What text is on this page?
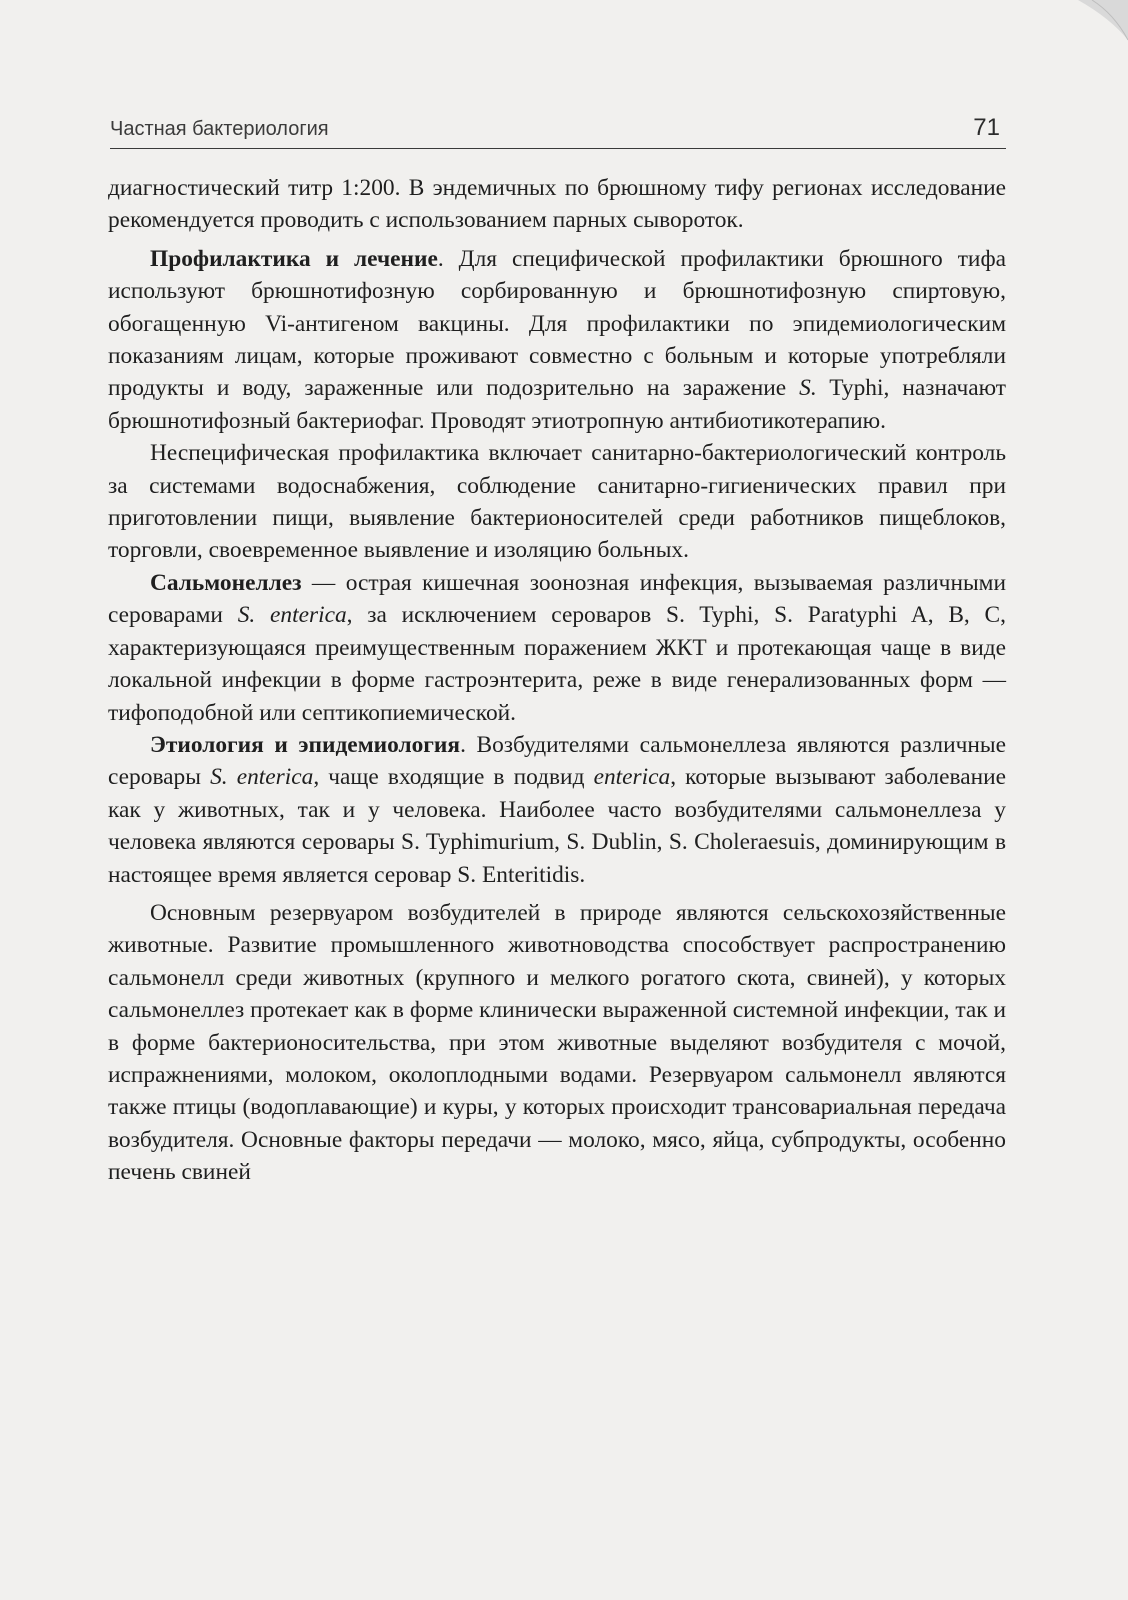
Частная бактериология	71

диагностический титр 1:200. В эндемичных по брюшному тифу регионах исследование рекомендуется проводить с использованием парных сывороток.

Профилактика и лечение. Для специфической профилактики брюшного тифа используют брюшнотифозную сорбированную и брюшнотифозную спиртовую, обогащенную Vi-антигеном вакцины. Для профилактики по эпидемиологическим показаниям лицам, которые проживают совместно с больным и которые употребляли продукты и воду, зараженные или подозрительно на заражение S. Typhi, назначают брюшнотифозный бактериофаг. Проводят этиотропную антибиотикотерапию.

Неспецифическая профилактика включает санитарно-бактериологический контроль за системами водоснабжения, соблюдение санитарно-гигиенических правил при приготовлении пищи, выявление бактерионосителей среди работников пищеблоков, торговли, своевременное выявление и изоляцию больных.

Сальмонеллез — острая кишечная зоонозная инфекция, вызываемая различными сероварами S. enterica, за исключением сероваров S. Typhi, S. Paratyphi A, B, C, характеризующаяся преимущественным поражением ЖКТ и протекающая чаще в виде локальной инфекции в форме гастроэнтерита, реже в виде генерализованных форм — тифоподобной или септикопиемической.

Этиология и эпидемиология. Возбудителями сальмонеллеза являются различные серовары S. enterica, чаще входящие в подвид enterica, которые вызывают заболевание как у животных, так и у человека. Наиболее часто возбудителями сальмонеллеза у человека являются серовары S. Typhimurium, S. Dublin, S. Choleraesuis, доминирующим в настоящее время является серовар S. Enteritidis.

Основным резервуаром возбудителей в природе являются сельскохозяйственные животные. Развитие промышленного животноводства способствует распространению сальмонелл среди животных (крупного и мелкого рогатого скота, свиней), у которых сальмонеллез протекает как в форме клинически выраженной системной инфекции, так и в форме бактерионосительства, при этом животные выделяют возбудителя с мочой, испражнениями, молоком, околоплодными водами. Резервуаром сальмонелл являются также птицы (водоплавающие) и куры, у которых происходит трансовариальная передача возбудителя. Основные факторы передачи — молоко, мясо, яйца, субпродукты, особенно печень свиней
